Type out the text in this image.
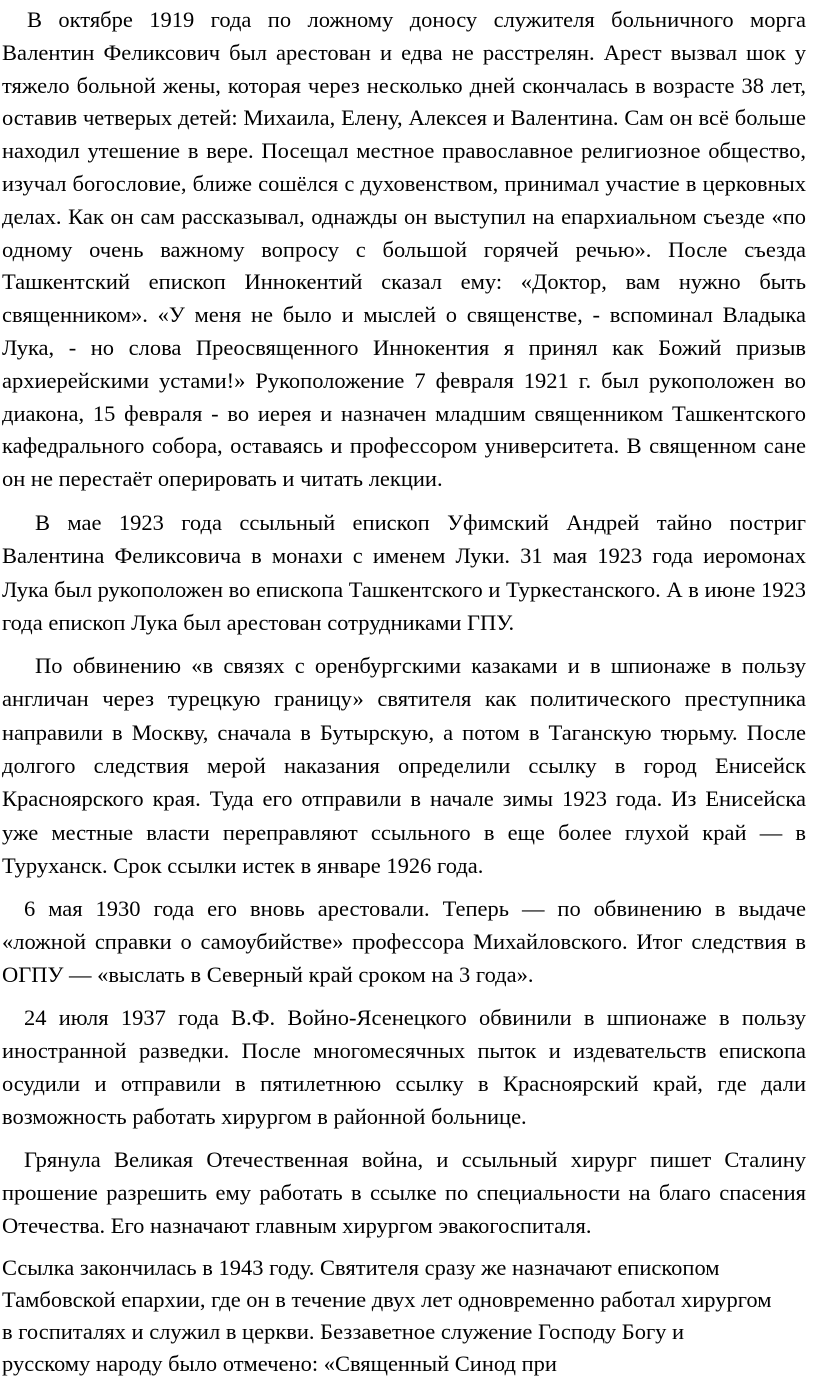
В октябре 1919 года по ложному доносу служителя больничного морга Валентин Феликсович был арестован и едва не расстрелян. Арест вызвал шок у тяжело больной жены, которая через несколько дней скончалась в возрасте 38 лет, оставив четверых детей: Михаила, Елену, Алексея и Валентина. Сам он всё больше находил утешение в вере. Посещал местное православное религиозное общество, изучал богословие, ближе сошёлся с духовенством, принимал участие в церковных делах. Как он сам рассказывал, однажды он выступил на епархиальном съезде «по одному очень важному вопросу с большой горячей речью». После съезда Ташкентский епископ Иннокентий сказал ему: «Доктор, вам нужно быть священником». «У меня не было и мыслей о священстве, - вспоминал Владыка Лука, - но слова Преосвященного Иннокентия я принял как Божий призыв архиерейскими устами!» Рукоположение 7 февраля 1921 г. был рукоположен во диакона, 15 февраля - во иерея и назначен младшим священником Ташкентского кафедрального собора, оставаясь и профессором университета. В священном сане он не перестаёт оперировать и читать лекции.

В мае 1923 года ссыльный епископ Уфимский Андрей тайно постриг Валентина Феликсовича в монахи с именем Луки. 31 мая 1923 года иеромонах Лука был рукоположен во епископа Ташкентского и Туркестанского. А в июне 1923 года епископ Лука был арестован сотрудниками ГПУ.

По обвинению «в связях с оренбургскими казаками и в шпионаже в пользу англичан через турецкую границу» святителя как политического преступника направили в Москву, сначала в Бутырскую, а потом в Таганскую тюрьму. После долгого следствия мерой наказания определили ссылку в город Енисейск Красноярского края. Туда его отправили в начале зимы 1923 года. Из Енисейска уже местные власти переправляют ссыльного в еще более глухой край — в Туруханск. Срок ссылки истек в январе 1926 года.

6 мая 1930 года его вновь арестовали. Теперь — по обвинению в выдаче «ложной справки о самоубийстве» профессора Михайловского. Итог следствия в ОГПУ — «выслать в Северный край сроком на 3 года».

24 июля 1937 года В.Ф. Войно-Ясенецкого обвинили в шпионаже в пользу иностранной разведки. После многомесячных пыток и издевательств епископа осудили и отправили в пятилетнюю ссылку в Красноярский край, где дали возможность работать хирургом в районной больнице.

Грянула Великая Отечественная война, и ссыльный хирург пишет Сталину прошение разрешить ему работать в ссылке по специальности на благо спасения Отечества. Его назначают главным хирургом эвакогоспиталя.

Ссылка закончилась в 1943 году. Святителя сразу же назначают епископом Тамбовской епархии, где он в течение двух лет одновременно работал хирургом в госпиталях и служил в церкви. Беззаветное служение Господу Богу и русскому народу было отмечено: «Священный Синод при
